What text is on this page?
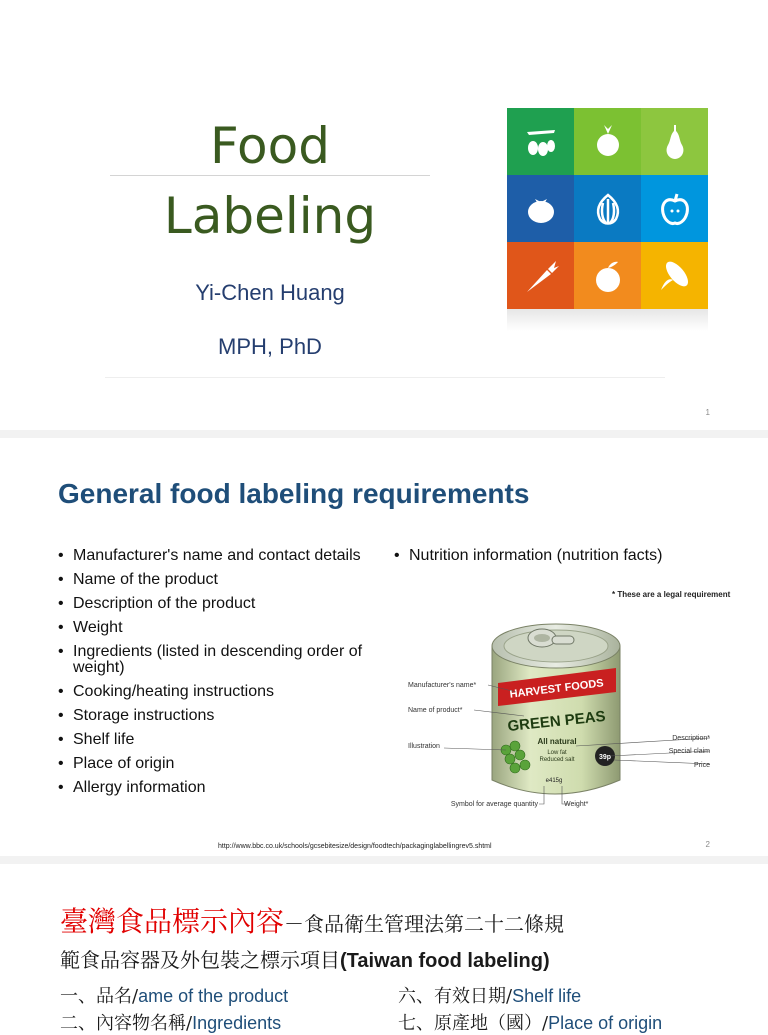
Food
Labeling
Yi-Chen Huang
MPH, PhD
1
General food labeling requirements
• Manufacturer's name and contact details
• Name of the product
• Description of the product
• Weight
• Ingredients (listed in descending order of weight)
• Cooking/heating instructions
• Storage instructions
• Shelf life
• Place of origin
• Allergy information
• Nutrition information (nutrition facts)
* These are a legal requirement
HARVEST FOODS
GREEN PEAS
All natural
Low fat
Reduced salt	39p
e415g
Manufacturer's name*
Name of product*
Illustration
Description*
Special claim
Price
Symbol for average quantity	Weight*
http://www.bbc.co.uk/schools/gcsebitesize/design/foodtech/packaginglabellingrev5.shtml	2
臺灣食品標示內容－食品衛生管理法第二十二條規
範食品容器及外包裝之標示項目(Taiwan food labeling)
一、品名/ame of the product
二、內容物名稱/Ingredients
六、有效日期/Shelf life
七、原產地（國）/Place of origin
